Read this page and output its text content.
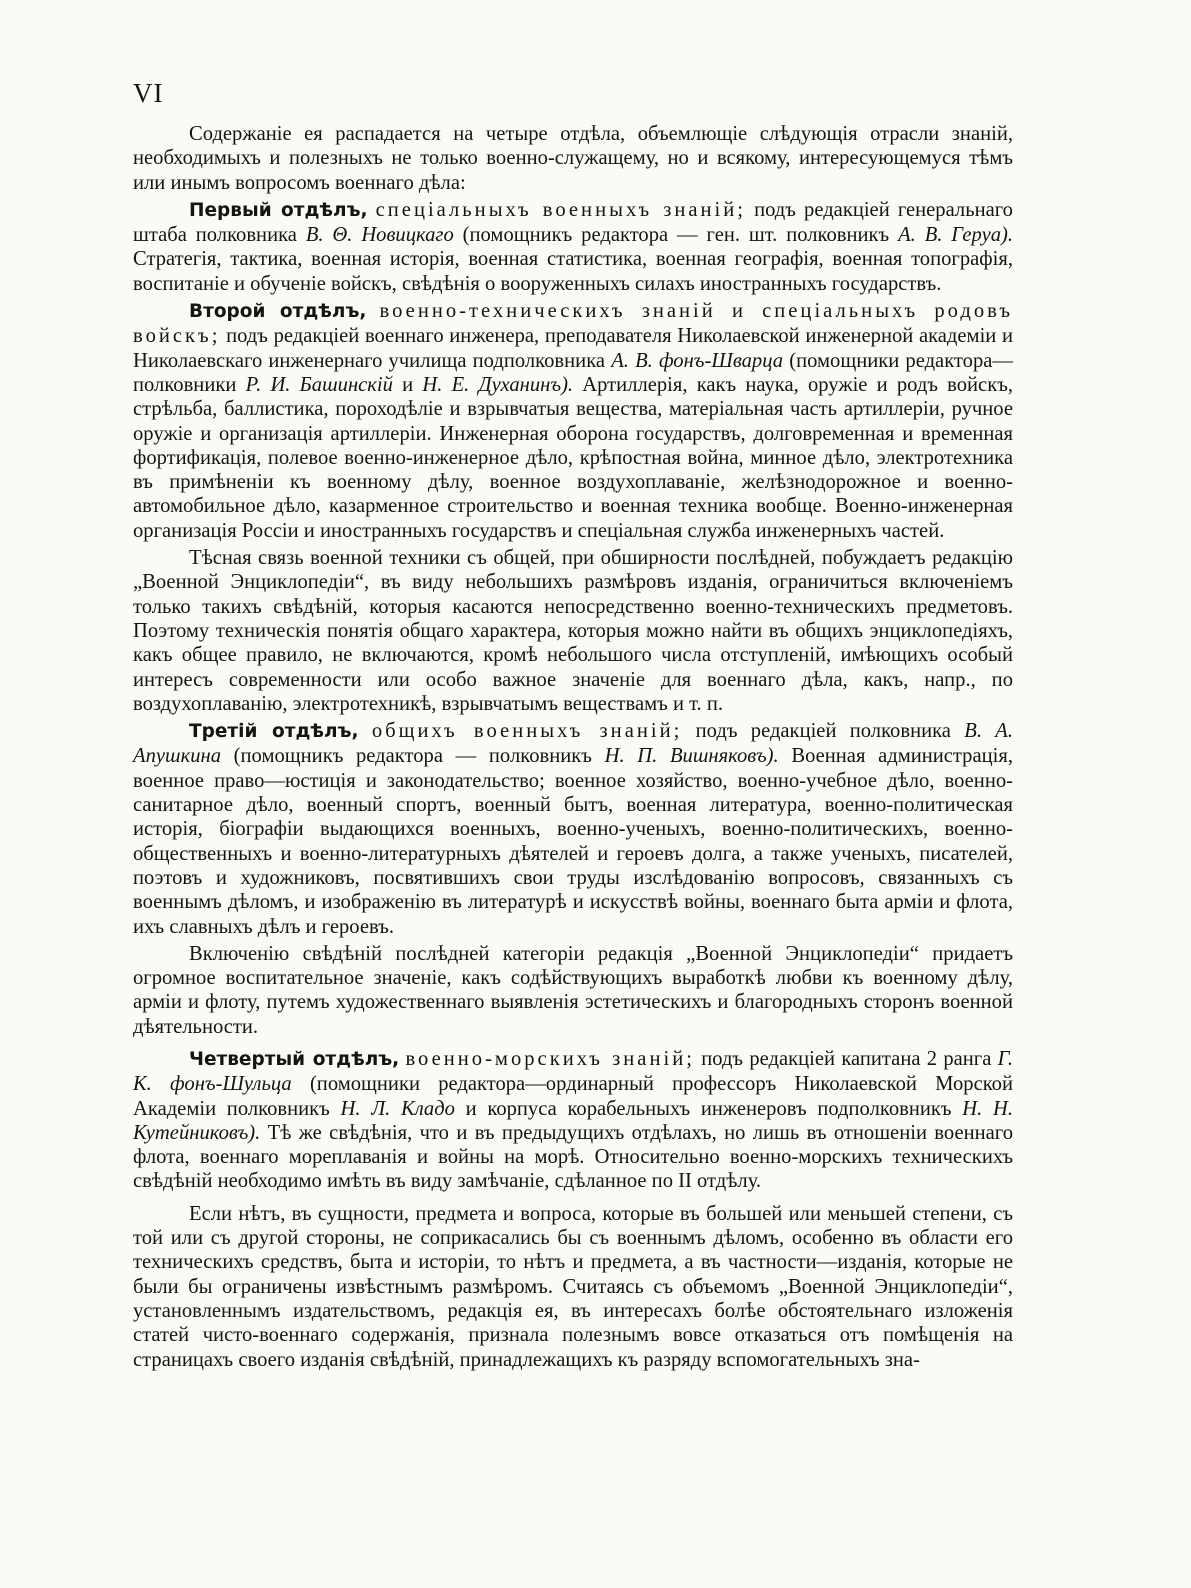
VI

Содержаніе ея распадается на четыре отдѣла, объемлющіе слѣдующія отрасли знаній, необходимыхъ и полезныхъ не только военно-служащему, но и всякому, интересующемуся тѣмъ или инымъ вопросомъ военнаго дѣла:

Первый отдѣлъ, спеціальныхъ военныхъ знаній; подъ редакціей генеральнаго штаба полковника В. Θ. Новицкаго (помощникъ редактора — ген. шт. полковникъ А. В. Геруа). Стратегія, тактика, военная исторія, военная статистика, военная географія, военная топографія, воспитаніе и обученіе войскъ, свѣдѣнія о вооруженныхъ силахъ иностранныхъ государствъ.

Второй отдѣлъ, военно-техническихъ знаній и спеціальныхъ родовъ войскъ; подъ редакціей военнаго инженера, преподавателя Николаевской инженерной академіи и Николаевскаго инженернаго училища подполковника А. В. фонъ-Шварца (помощники редактора—полковники Р. И. Башинскій и Н. Е. Духанинъ). Артиллерія, какъ наука, оружіе и родъ войскъ, стрѣльба, баллистика, пороходѣліе и взрывчатыя вещества, матеріальная часть артиллеріи, ручное оружіе и организація артиллеріи. Инженерная оборона государствъ, долговременная и временная фортификація, полевое военно-инженерное дѣло, крѣпостная война, минное дѣло, электротехника въ примѣненіи къ военному дѣлу, военное воздухоплаваніе, желѣзнодорожное и военно-автомобильное дѣло, казарменное строительство и военная техника вообще. Военно-инженерная организація Россіи и иностранныхъ государствъ и спеціальная служба инженерныхъ частей.

Тѣсная связь военной техники съ общей, при обширности послѣдней, побуждаетъ редакцію „Военной Энциклопедіи“, въ виду небольшихъ размѣровъ изданія, ограничиться включеніемъ только такихъ свѣдѣній, которыя касаются непосредственно военно-техническихъ предметовъ. Поэтому техническія понятія общаго характера, которыя можно найти въ общихъ энциклопедіяхъ, какъ общее правило, не включаются, кромѣ небольшого числа отступленій, имѣющихъ особый интересъ современности или особо важное значеніе для военнаго дѣла, какъ, напр., по воздухоплаванію, электротехникѣ, взрывчатымъ веществамъ и т. п.

Третій отдѣлъ, общихъ военныхъ знаній; подъ редакціей полковника В. А. Апушкина (помощникъ редактора — полковникъ Н. П. Вишняковъ). Военная администрація, военное право—юстиція и законодательство; военное хозяйство, военно-учебное дѣло, военно-санитарное дѣло, военный спортъ, военный бытъ, военная литература, военно-политическая исторія, біографіи выдающихся военныхъ, военно-ученыхъ, военно-политическихъ, военно-общественныхъ и военно-литературныхъ дѣятелей и героевъ долга, а также ученыхъ, писателей, поэтовъ и художниковъ, посвятившихъ свои труды изслѣдованію вопросовъ, связанныхъ съ военнымъ дѣломъ, и изображенію въ литературѣ и искусствѣ войны, военнаго быта арміи и флота, ихъ славныхъ дѣлъ и героевъ.

Включенію свѣдѣній послѣдней категоріи редакція „Военной Энциклопедіи“ придаетъ огромное воспитательное значеніе, какъ содѣйствующихъ выработкѣ любви къ военному дѣлу, арміи и флоту, путемъ художественнаго выявленія эстетическихъ и благородныхъ сторонъ военной дѣятельности.

Четвертый отдѣлъ, военно-морскихъ знаній; подъ редакціей капитана 2 ранга Г. К. фонъ-Шульца (помощники редактора—ординарный профессоръ Николаевской Морской Академіи полковникъ Н. Л. Кладо и корпуса корабельныхъ инженеровъ подполковникъ Н. Н. Кутейниковъ). Тѣ же свѣдѣнія, что и въ предыдущихъ отдѣлахъ, но лишь въ отношеніи военнаго флота, военнаго мореплаванія и войны на морѣ. Относительно военно-морскихъ техническихъ свѣдѣній необходимо имѣть въ виду замѣчаніе, сдѣланное по II отдѣлу.

Если нѣтъ, въ сущности, предмета и вопроса, которые въ большей или меньшей степени, съ той или съ другой стороны, не соприкасались бы съ военнымъ дѣломъ, особенно въ области его техническихъ средствъ, быта и исторіи, то нѣтъ и предмета, а въ частности—изданія, которые не были бы ограничены извѣстнымъ размѣромъ. Считаясь съ объемомъ „Военной Энциклопедіи“, установленнымъ издательствомъ, редакція ея, въ интересахъ болѣе обстоятельнаго изложенія статей чисто-военнаго содержанія, признала полезнымъ вовсе отказаться отъ помѣщенія на страницахъ своего изданія свѣдѣній, принадлежащихъ къ разряду вспомогательныхъ зна-
